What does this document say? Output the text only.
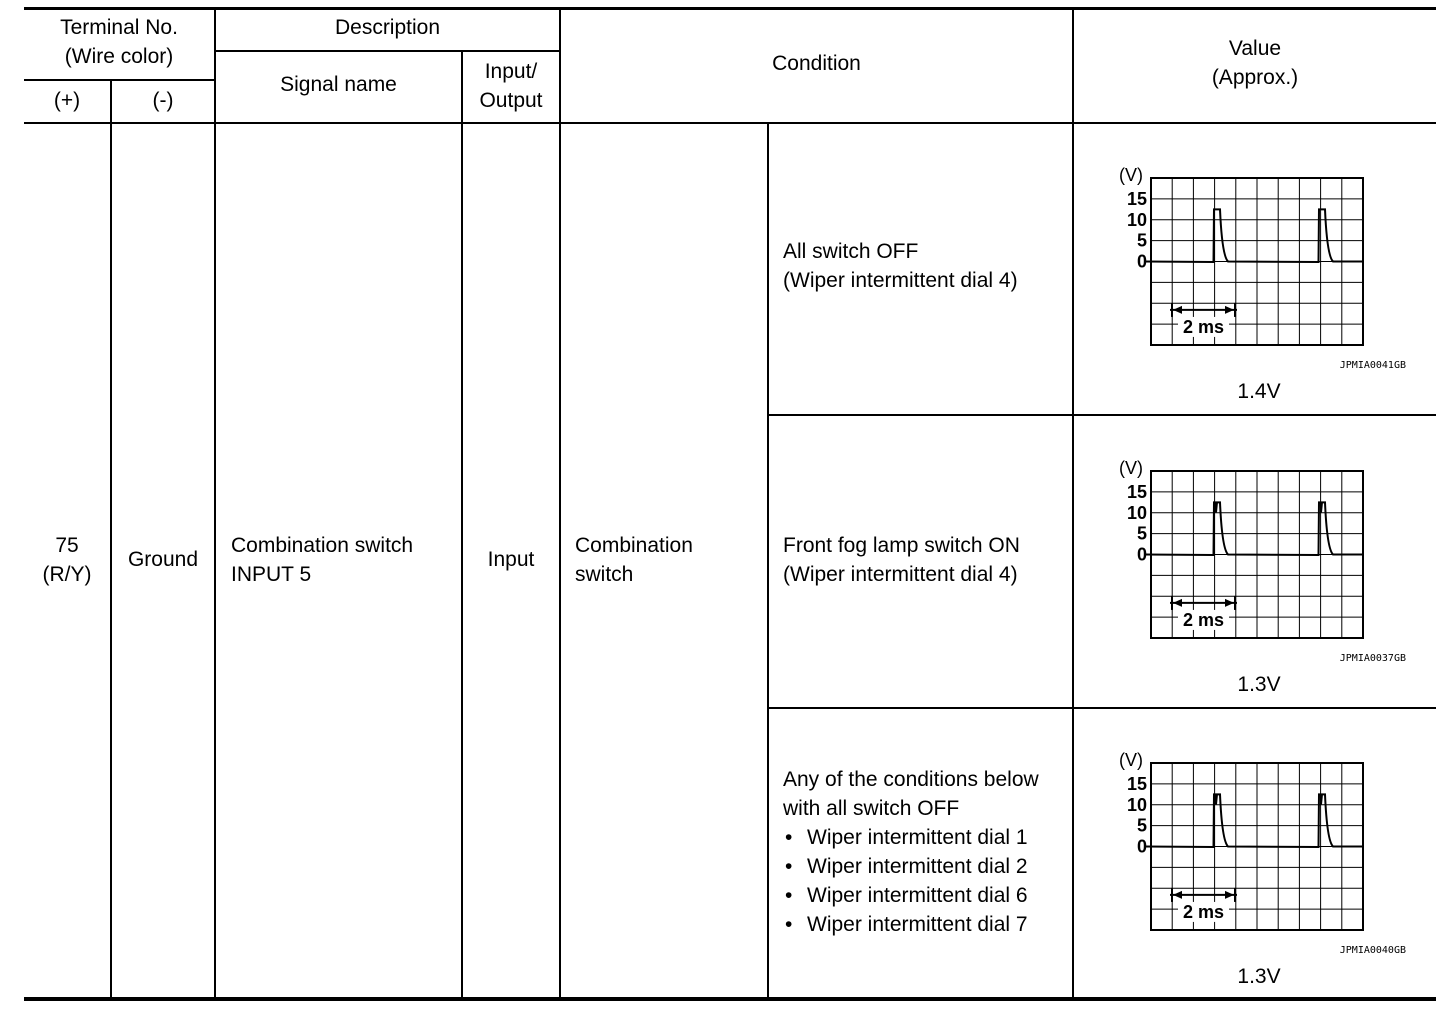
Terminal No.
(Wire color)
(+)	(-)
Description
Signal name
Input/
Output
Condition
Value
(Approx.)
75
(R/Y)
Ground
Combination switch
INPUT 5
Input
Combination
switch
All switch OFF
(Wiper intermittent dial 4)
Front fog lamp switch ON
(Wiper intermittent dial 4)
Any of the conditions below
with all switch OFF
• Wiper intermittent dial 1
• Wiper intermittent dial 2
• Wiper intermittent dial 6
• Wiper intermittent dial 7
(V)
15
10
5
0
2 ms
JPMIA0041GB
(V)
15
10
5
0
2 ms
JPMIA0037GB
(V)
15
10
5
0
2 ms
JPMIA0040GB
1.4V
1.3V
1.3V
